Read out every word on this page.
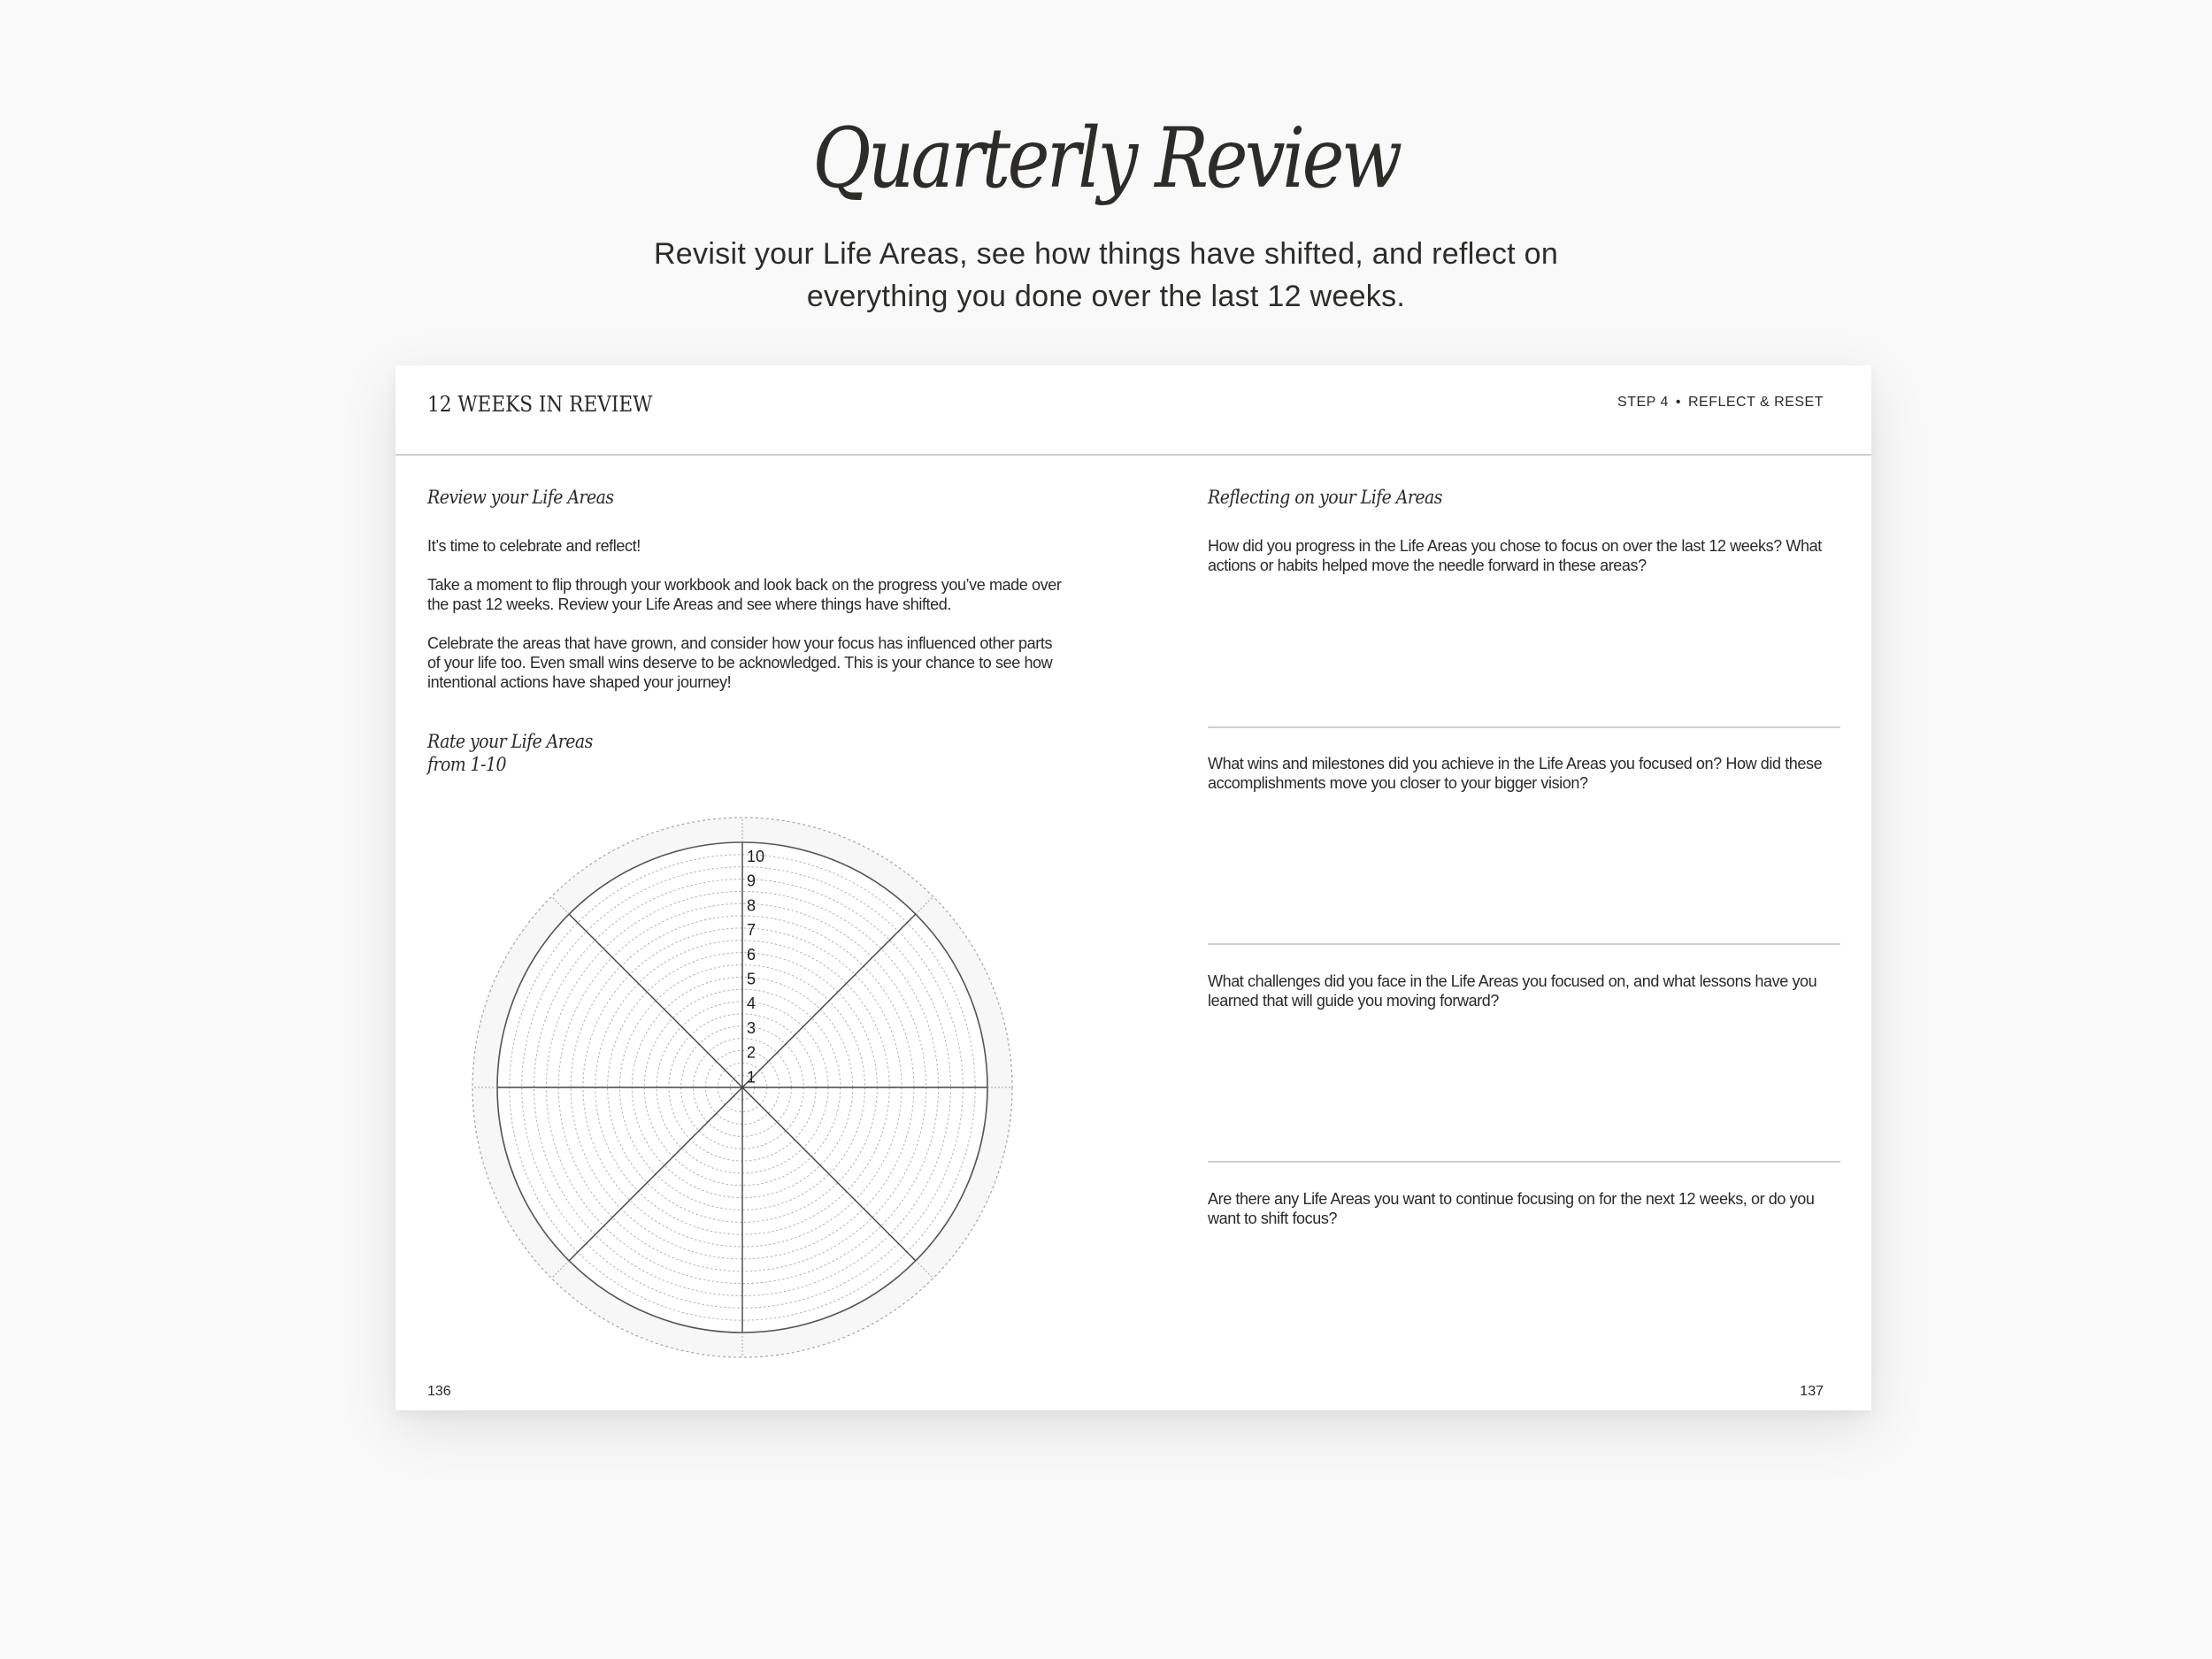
Quarterly Review
Revisit your Life Areas, see how things have shifted, and reflect on
everything you done over the last 12 weeks.
12 WEEKS IN REVIEW	STEP 4 • REFLECT & RESET
Review your Life Areas

It’s time to celebrate and reflect!

Take a moment to flip through your workbook and look back on the progress you’ve made over the past 12 weeks. Review your Life Areas and see where things have shifted.

Celebrate the areas that have grown, and consider how your focus has influenced other parts of your life too. Even small wins deserve to be acknowledged. This is your chance to see how intentional actions have shaped your journey!

Rate your Life Areas
from 1-10
1
2
3
4
5
6
7
8
9
10
136
Reflecting on your Life Areas
How did you progress in the Life Areas you chose to focus on over the last 12 weeks? What actions or habits helped move the needle forward in these areas?
What wins and milestones did you achieve in the Life Areas you focused on? How did these accomplishments move you closer to your bigger vision?
What challenges did you face in the Life Areas you focused on, and what lessons have you learned that will guide you moving forward?
Are there any Life Areas you want to continue focusing on for the next 12 weeks, or do you want to shift focus?
137
